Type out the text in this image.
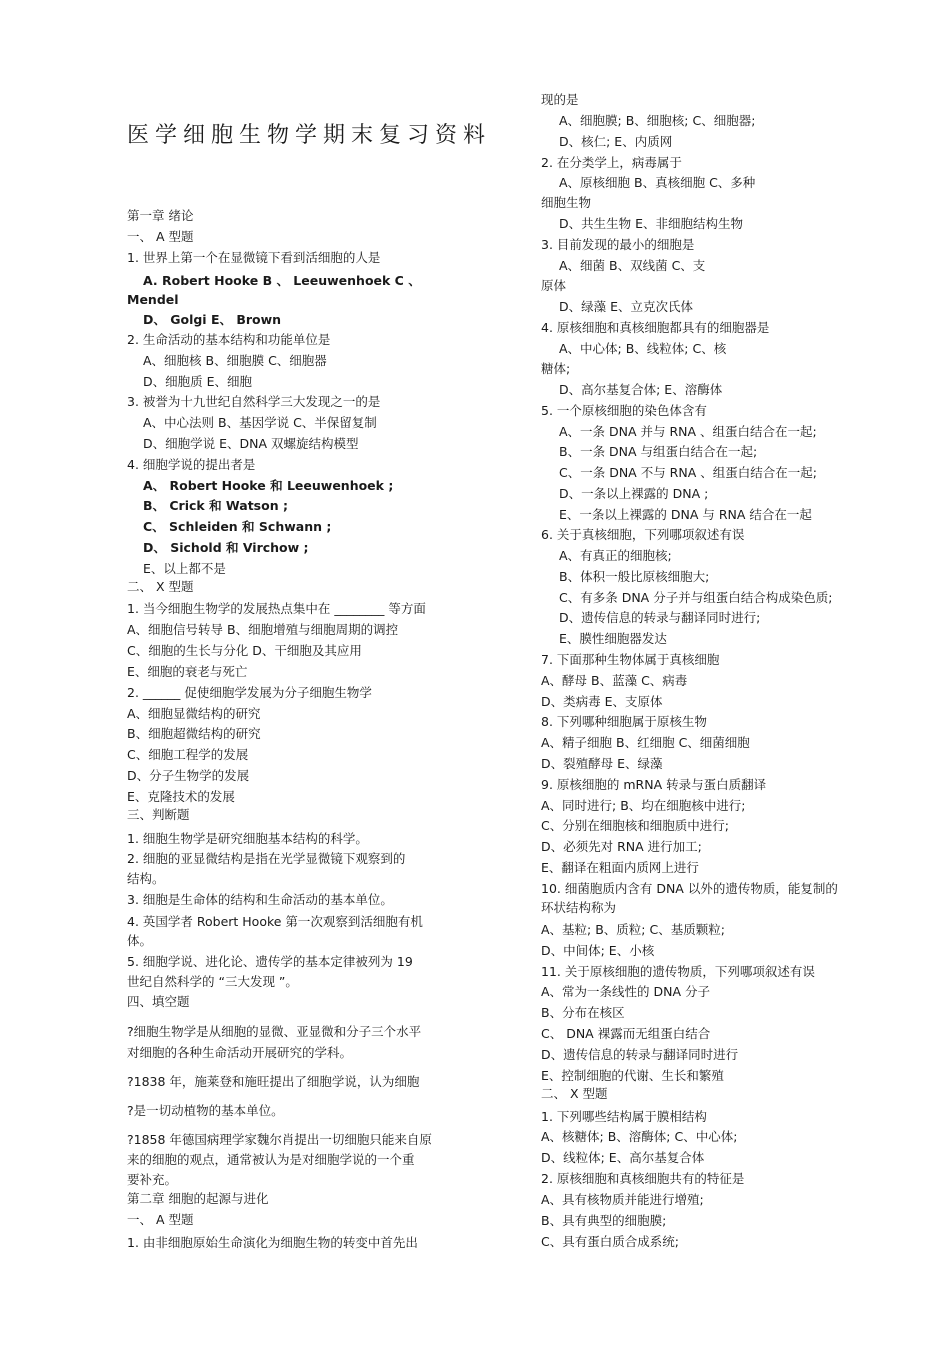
医学细胞生物学期末复习资料
第一章 绪论
一、 A 型题
1. 世界上第一个在显微镜下看到活细胞的人是
A. Robert Hooke B 、 Leeuwenhoek C 、
Mendel
D、 Golgi E、 Brown
2. 生命活动的基本结构和功能单位是
A、细胞核 B、细胞膜 C、细胞器
D、细胞质 E、细胞
3. 被誉为十九世纪自然科学三大发现之一的是
A、中心法则 B、基因学说 C、半保留复制
D、细胞学说 E、DNA 双螺旋结构模型
4. 细胞学说的提出者是
A、 Robert Hooke 和 Leeuwenhoek ;
B、 Crick 和 Watson ;
C、 Schleiden 和 Schwann ;
D、 Sichold 和 Virchow ;
E、以上都不是
二、 X 型题
1. 当今细胞生物学的发展热点集中在 ________ 等方面
A、细胞信号转导 B、细胞增殖与细胞周期的调控
C、细胞的生长与分化 D、干细胞及其应用
E、细胞的衰老与死亡
2. ______ 促使细胞学发展为分子细胞生物学
A、细胞显微结构的研究
B、细胞超微结构的研究
C、细胞工程学的发展
D、分子生物学的发展
E、克隆技术的发展
三、判断题
1. 细胞生物学是研究细胞基本结构的科学。
2. 细胞的亚显微结构是指在光学显微镜下观察到的
结构。
3. 细胞是生命体的结构和生命活动的基本单位。
4. 英国学者 Robert Hooke 第一次观察到活细胞有机
体。
5. 细胞学说、进化论、遗传学的基本定律被列为 19
世纪自然科学的 “三大发现 ”。
四、填空题
?细胞生物学是从细胞的显微、亚显微和分子三个水平
对细胞的各种生命活动开展研究的学科。
?1838 年，施莱登和施旺提出了细胞学说，认为细胞
?是一切动植物的基本单位。
?1858 年德国病理学家魏尔肖提出一切细胞只能来自原
来的细胞的观点，通常被认为是对细胞学说的一个重
要补充。
第二章 细胞的起源与进化
一、 A 型题
1. 由非细胞原始生命演化为细胞生物的转变中首先出
现的是
A、细胞膜; B、细胞核; C、细胞器;
D、核仁; E、内质网
2. 在分类学上，病毒属于
A、原核细胞 B、真核细胞 C、多种
细胞生物
D、共生生物 E、非细胞结构生物
3. 目前发现的最小的细胞是
A、细菌 B、双线菌 C、支
原体
D、绿藻 E、立克次氏体
4. 原核细胞和真核细胞都具有的细胞器是
A、中心体; B、线粒体; C、核
糖体;
D、高尔基复合体; E、溶酶体
5. 一个原核细胞的染色体含有
A、一条 DNA 并与 RNA 、组蛋白结合在一起;
B、一条 DNA 与组蛋白结合在一起;
C、一条 DNA 不与 RNA 、组蛋白结合在一起;
D、一条以上裸露的 DNA ;
E、一条以上裸露的 DNA 与 RNA 结合在一起
6. 关于真核细胞，下列哪项叙述有误
A、有真正的细胞核;
B、体积一般比原核细胞大;
C、有多条 DNA 分子并与组蛋白结合构成染色质;
D、遗传信息的转录与翻译同时进行;
E、膜性细胞器发达
7. 下面那种生物体属于真核细胞
A、酵母 B、蓝藻 C、病毒
D、类病毒 E、支原体
8. 下列哪种细胞属于原核生物
A、精子细胞 B、红细胞 C、细菌细胞
D、裂殖酵母 E、绿藻
9. 原核细胞的 mRNA 转录与蛋白质翻译
A、同时进行; B、均在细胞核中进行;
C、分别在细胞核和细胞质中进行;
D、必须先对 RNA 进行加工;
E、翻译在粗面内质网上进行
10. 细菌胞质内含有 DNA 以外的遗传物质，能复制的
环状结构称为
A、基粒; B、质粒; C、基质颗粒;
D、中间体; E、小核
11. 关于原核细胞的遗传物质，下列哪项叙述有误
A、常为一条线性的 DNA 分子
B、分布在核区
C、 DNA 裸露而无组蛋白结合
D、遗传信息的转录与翻译同时进行
E、控制细胞的代谢、生长和繁殖
二、 X 型题
1. 下列哪些结构属于膜相结构
A、核糖体; B、溶酶体; C、中心体;
D、线粒体; E、高尔基复合体
2. 原核细胞和真核细胞共有的特征是
A、具有核物质并能进行增殖;
B、具有典型的细胞膜;
C、具有蛋白质合成系统;
